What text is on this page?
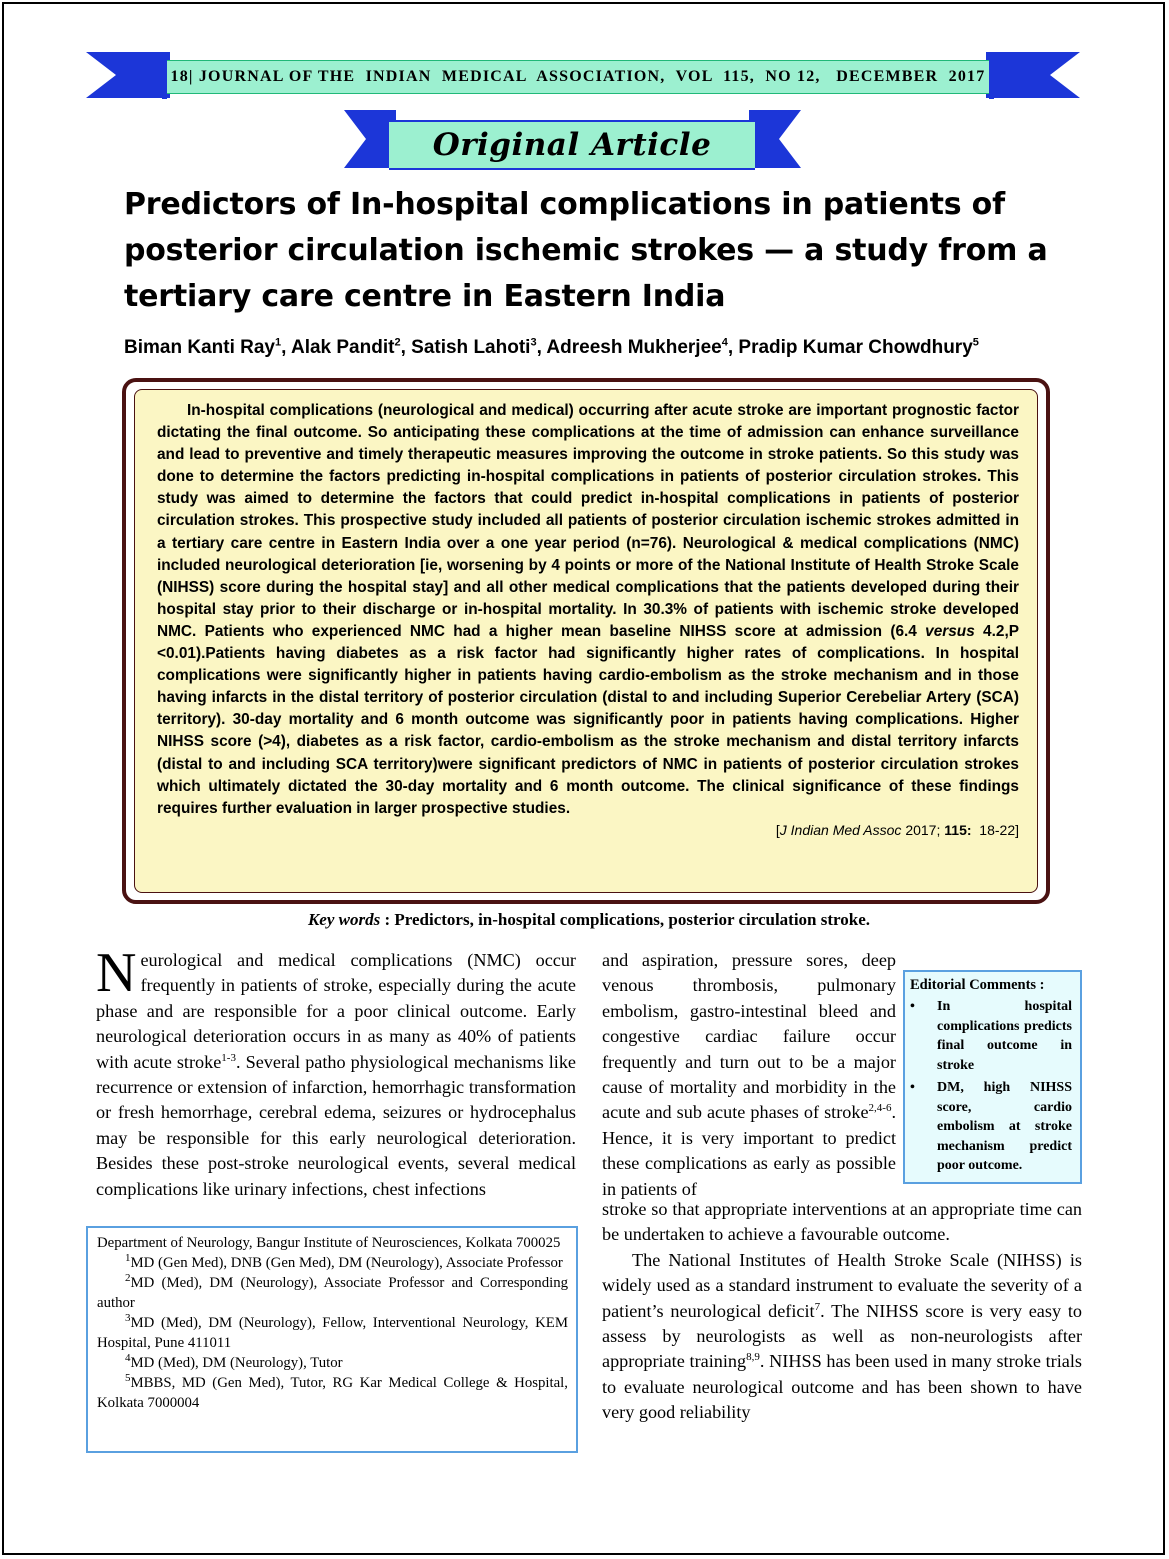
18|
JOURNAL OF THE  INDIAN  MEDICAL  ASSOCIATION,  VOL  115,  NO 12,   DECEMBER  2017
Original Article
Predictors of In-hospital complications in patients of posterior circulation ischemic strokes — a study from a tertiary care centre in Eastern India
Biman Kanti Ray$^1$, Alak Pandit$^2$, Satish Lahoti$^3$, Adreesh Mukherjee$^4$, Pradip Kumar Chowdhury$^5$

In-hospital complications (neurological and medical) occurring after acute stroke are important prognostic factor dictating the final outcome. So anticipating these complications at the time of admission can enhance surveillance and lead to preventive and timely therapeutic measures improving the outcome in stroke patients. So this study was done to determine the factors predicting in-hospital complications in patients of posterior circulation strokes. This study was aimed to determine the factors that could predict in-hospital complications in patients of posterior circulation strokes. This prospective study included all patients of posterior circulation ischemic strokes admitted in a tertiary care centre in Eastern India over a one year period (n=76). Neurological & medical complications (NMC) included neurological deterioration [ie, worsening by 4 points or more of the National Institute of Health Stroke Scale (NIHSS) score during the hospital stay] and all other medical complications that the patients developed during their hospital stay prior to their discharge or in-hospital mortality. In 30.3% of patients with ischemic stroke developed NMC. Patients who experienced NMC had a higher mean baseline NIHSS score at admission (6.4 versus 4.2,P <0.01).Patients having diabetes as a risk factor had significantly higher rates of complications. In hospital complications were significantly higher in patients having cardio-embolism as the stroke mechanism and in those having infarcts in the distal territory of posterior circulation (distal to and including Superior Cerebeliar Artery (SCA) territory). 30-day mortality and 6 month outcome was significantly poor in patients having complications. Higher NIHSS score (>4), diabetes as a risk factor, cardio-embolism as the stroke mechanism and distal territory infarcts (distal to and including SCA territory)were significant predictors of NMC in patients of posterior circulation strokes which ultimately dictated the 30-day mortality and 6 month outcome. The clinical significance of these findings requires further evaluation in larger prospective studies.

[J Indian Med Assoc 2017; 115:  18-22]
Key words : Predictors, in-hospital complications, posterior circulation stroke.

Neurological and medical complications (NMC) occur frequently in patients of stroke, especially during the acute phase and are responsible for a poor clinical outcome. Early neurological deterioration occurs in as many as 40% of patients with acute stroke$^{1-3}$. Several patho physiological mechanisms like recurrence or extension of infarction, hemorrhagic transformation or fresh hemorrhage, cerebral edema, seizures or hydrocephalus may be responsible for this early neurological deterioration. Besides these post-stroke neurological events, several medical complications like urinary infections, chest infections

and aspiration, pressure sores, deep venous thrombosis, pulmonary embolism, gastro-intestinal bleed and congestive cardiac failure occur frequently and turn out to be a major cause of mortality and morbidity in the acute and sub acute phases of stroke$^{2,4-6}$. Hence, it is very important to predict these complications as early as possible in patients of

Editorial Comments :
• In hospital complications predicts final outcome in stroke
• DM, high NIHSS score, cardio embolism at stroke mechanism predict poor outcome.

stroke so that appropriate interventions at an appropriate time can be undertaken to achieve a favourable outcome.

The National Institutes of Health Stroke Scale (NIHSS) is widely used as a standard instrument to evaluate the severity of a patient’s neurological deficit$^7$. The NIHSS score is very easy to assess by neurologists as well as non-neurologists after appropriate training$^{8,9}$. NIHSS has been used in many stroke trials to evaluate neurological outcome and has been shown to have very good reliability

Department of Neurology, Bangur Institute of Neurosciences, Kolkata 700025

$^1$MD (Gen Med), DNB (Gen Med), DM (Neurology), Associate Professor

$^2$MD (Med), DM (Neurology), Associate Professor and Corresponding author

$^3$MD (Med), DM (Neurology), Fellow, Interventional Neurology, KEM Hospital, Pune 411011

$^4$MD (Med), DM (Neurology), Tutor

$^5$MBBS, MD (Gen Med), Tutor, RG Kar Medical College & Hospital, Kolkata 7000004
